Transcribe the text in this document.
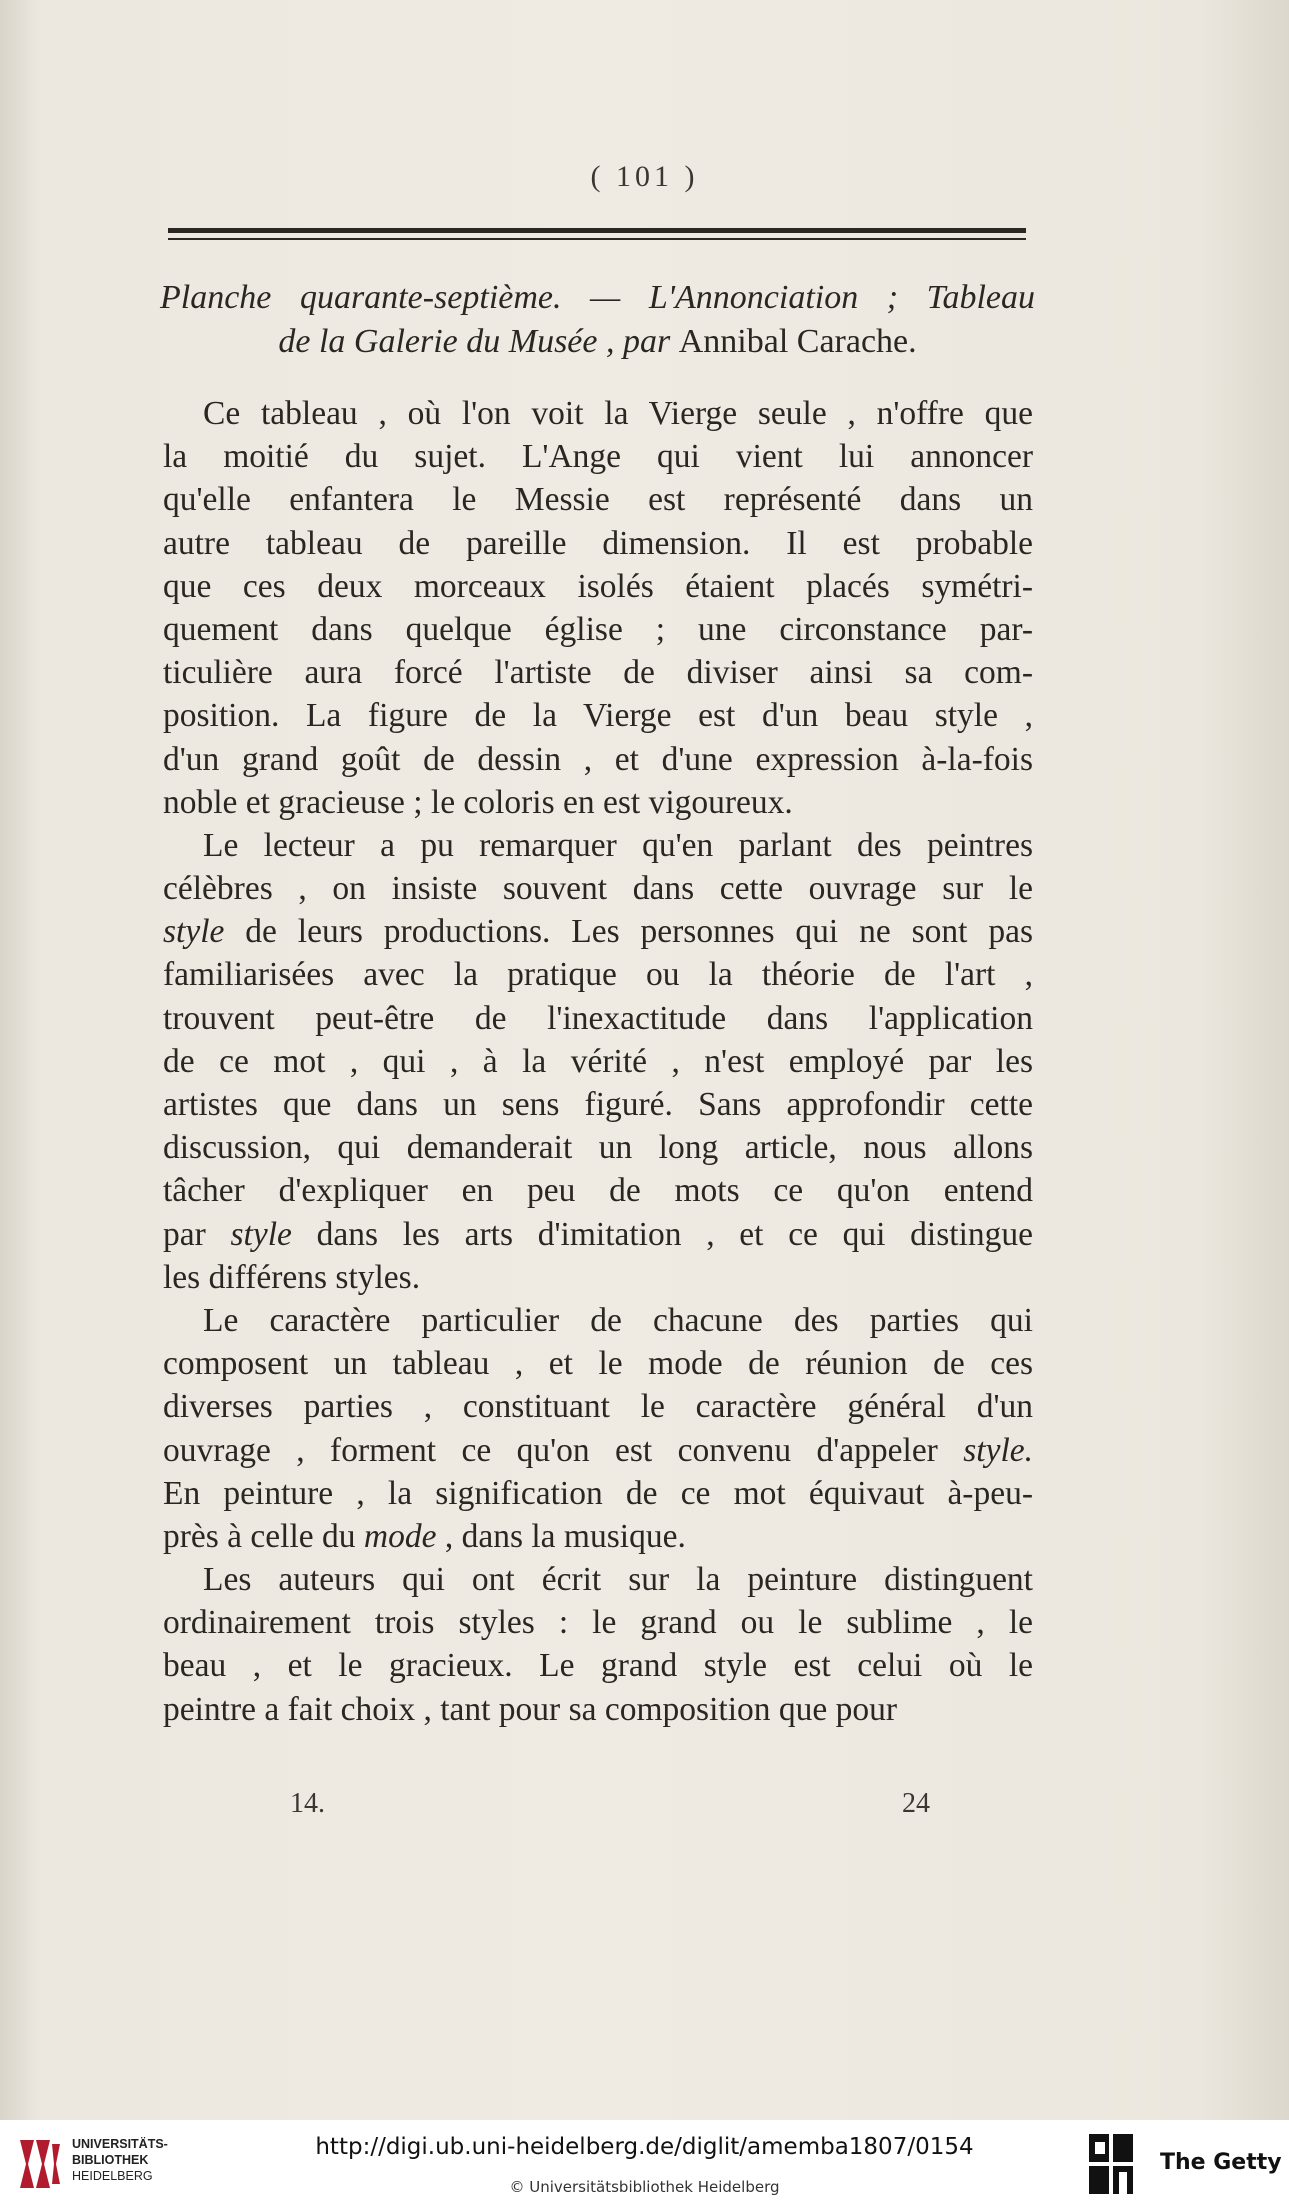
( 101 )
Planche quarante-septième. — L'Annonciation ; Tableau
de la Galerie du Musée , par Annibal Carache.
Ce tableau , où l'on voit la Vierge seule , n'offre que
la moitié du sujet. L'Ange qui vient lui annoncer
qu'elle enfantera le Messie est représenté dans un
autre tableau de pareille dimension. Il est probable
que ces deux morceaux isolés étaient placés symétri-
quement dans quelque église ; une circonstance par-
ticulière aura forcé l'artiste de diviser ainsi sa com-
position. La figure de la Vierge est d'un beau style ,
d'un grand goût de dessin , et d'une expression à-la-fois
noble et gracieuse ; le coloris en est vigoureux.
Le lecteur a pu remarquer qu'en parlant des peintres
célèbres , on insiste souvent dans cette ouvrage sur le
style de leurs productions. Les personnes qui ne sont pas
familiarisées avec la pratique ou la théorie de l'art ,
trouvent peut-être de l'inexactitude dans l'application
de ce mot , qui , à la vérité , n'est employé par les
artistes que dans un sens figuré. Sans approfondir cette
discussion, qui demanderait un long article, nous allons
tâcher d'expliquer en peu de mots ce qu'on entend
par style dans les arts d'imitation , et ce qui distingue
les différens styles.
Le caractère particulier de chacune des parties qui
composent un tableau , et le mode de réunion de ces
diverses parties , constituant le caractère général d'un
ouvrage , forment ce qu'on est convenu d'appeler style.
En peinture , la signification de ce mot équivaut à-peu-
près à celle du mode , dans la musique.
Les auteurs qui ont écrit sur la peinture distinguent
ordinairement trois styles : le grand ou le sublime , le
beau , et le gracieux. Le grand style est celui où le
peintre a fait choix , tant pour sa composition que pour
14.	24
UNIVERSITÄTS-
BIBLIOTHEK
HEIDELBERG
http://digi.ub.uni-heidelberg.de/diglit/amemba1807/0154
© Universitätsbibliothek Heidelberg
The Getty
